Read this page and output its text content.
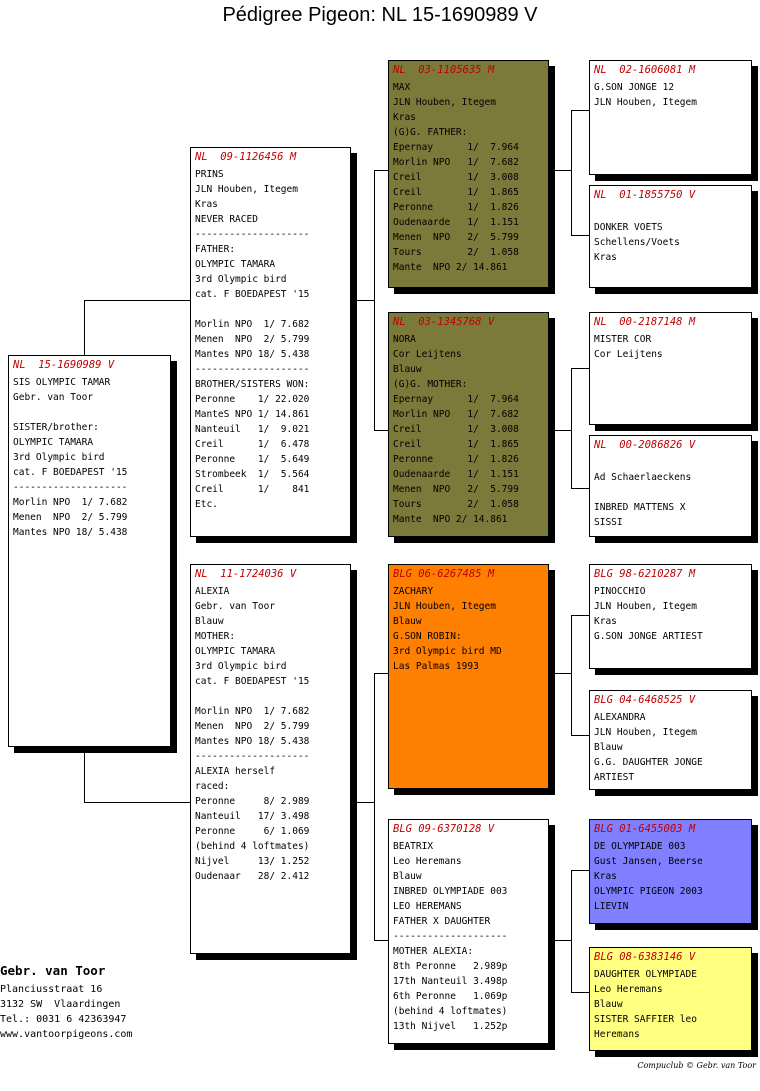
Pédigree Pigeon: NL 15-1690989 V
NL  15-1690989 V
SIS OLYMPIC TAMAR
Gebr. van Toor

SISTER/brother:
OLYMPIC TAMARA
3rd Olympic bird
cat. F BOEDAPEST '15
--------------------
Morlin NPO  1/ 7.682
Menen  NPO  2/ 5.799
Mantes NPO 18/ 5.438
NL  09-1126456 M
PRINS
JLN Houben, Itegem
Kras
NEVER RACED
--------------------
FATHER:
OLYMPIC TAMARA
3rd Olympic bird
cat. F BOEDAPEST '15

Morlin NPO  1/ 7.682
Menen  NPO  2/ 5.799
Mantes NPO 18/ 5.438
--------------------
BROTHER/SISTERS WON:
Peronne    1/ 22.020
ManteS NPO 1/ 14.861
Nanteuil   1/  9.021
Creil      1/  6.478
Peronne    1/  5.649
Strombeek  1/  5.564
Creil      1/    841
Etc.
NL  11-1724036 V
ALEXIA
Gebr. van Toor
Blauw
MOTHER:
OLYMPIC TAMARA
3rd Olympic bird
cat. F BOEDAPEST '15

Morlin NPO  1/ 7.682
Menen  NPO  2/ 5.799
Mantes NPO 18/ 5.438
--------------------
ALEXIA herself
raced:
Peronne     8/ 2.989
Nanteuil   17/ 3.498
Peronne     6/ 1.069
(behind 4 loftmates)
Nijvel     13/ 1.252
Oudenaar   28/ 2.412
NL  03-1105635 M
MAX
JLN Houben, Itegem
Kras
(G)G. FATHER:
Epernay      1/  7.964
Morlin NPO   1/  7.682
Creil        1/  3.008
Creil        1/  1.865
Peronne      1/  1.826
Oudenaarde   1/  1.151
Menen  NPO   2/  5.799
Tours        2/  1.058
Mante  NPO 2/ 14.861
NL  03-1345768 V
NORA
Cor Leijtens
Blauw
(G)G. MOTHER:
Epernay      1/  7.964
Morlin NPO   1/  7.682
Creil        1/  3.008
Creil        1/  1.865
Peronne      1/  1.826
Oudenaarde   1/  1.151
Menen  NPO   2/  5.799
Tours        2/  1.058
Mante  NPO 2/ 14.861
BLG 06-6267485 M
ZACHARY
JLN Houben, Itegem
Blauw
G.SON ROBIN:
3rd Olympic bird MD
Las Palmas 1993
BLG 09-6370128 V
BEATRIX
Leo Heremans
Blauw
INBRED OLYMPIADE 003
LEO HEREMANS
FATHER X DAUGHTER
--------------------
MOTHER ALEXIA:
8th Peronne   2.989p
17th Nanteuil 3.498p
6th Peronne   1.069p
(behind 4 loftmates)
13th Nijvel   1.252p
NL  02-1606081 M
G.SON JONGE 12
JLN Houben, Itegem
NL  01-1855750 V

DONKER VOETS
Schellens/Voets
Kras
NL  00-2187148 M
MISTER COR
Cor Leijtens
NL  00-2086826 V

Ad Schaerlaeckens

INBRED MATTENS X
SISSI
BLG 98-6210287 M
PINOCCHIO
JLN Houben, Itegem
Kras
G.SON JONGE ARTIEST
BLG 04-6468525 V
ALEXANDRA
JLN Houben, Itegem
Blauw
G.G. DAUGHTER JONGE
ARTIEST
BLG 01-6455003 M
DE OLYMPIADE 003
Gust Jansen, Beerse
Kras
OLYMPIC PIGEON 2003
LIEVIN
BLG 08-6383146 V
DAUGHTER OLYMPIADE
Leo Heremans
Blauw
SISTER SAFFIER leo
Heremans
Gebr. van Toor
Planciusstraat 16
3132 SW  Vlaardingen
Tel.: 0031 6 42363947
www.vantoorpigeons.com
Compuclub © Gebr. van Toor
